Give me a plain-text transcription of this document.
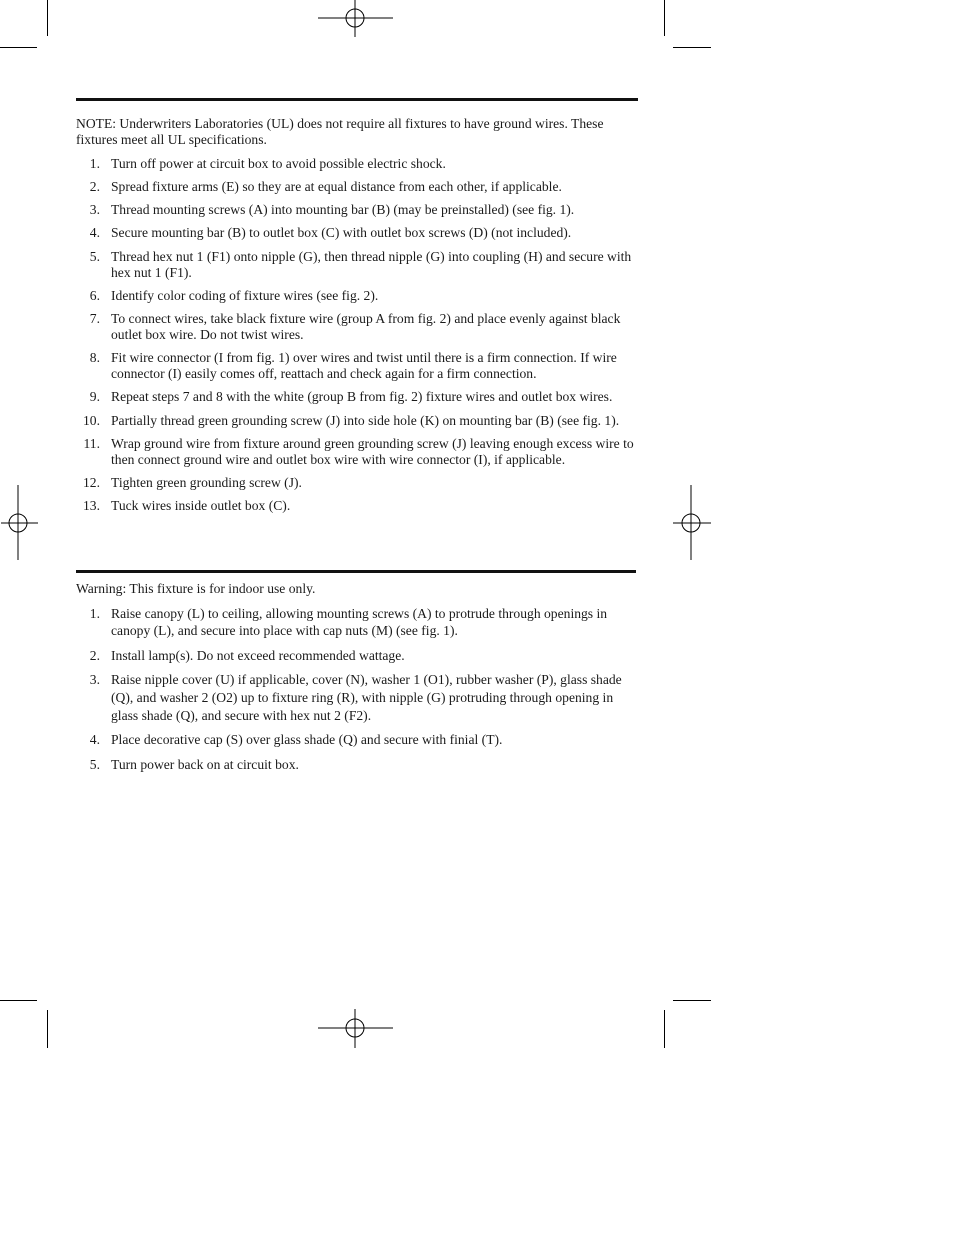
NOTE: Underwriters Laboratories (UL) does not require all fixtures to have ground wires. These fixtures meet all UL specifications.

1. Turn off power at circuit box to avoid possible electric shock.
2. Spread fixture arms (E) so they are at equal distance from each other, if applicable.
3. Thread mounting screws (A) into mounting bar (B) (may be preinstalled) (see fig. 1).
4. Secure mounting bar (B) to outlet box (C) with outlet box screws (D) (not included).
5. Thread hex nut 1 (F1) onto nipple (G), then thread nipple (G) into coupling (H) and secure with hex nut 1 (F1).
6. Identify color coding of fixture wires (see fig. 2).
7. To connect wires, take black fixture wire (group A from fig. 2) and place evenly against black outlet box wire. Do not twist wires.
8. Fit wire connector (I from fig. 1) over wires and twist until there is a firm connection. If wire connector (I) easily comes off, reattach and check again for a firm connection.
9. Repeat steps 7 and 8 with the white (group B from fig. 2) fixture wires and outlet box wires.
10. Partially thread green grounding screw (J) into side hole (K) on mounting bar (B) (see fig. 1).
11. Wrap ground wire from fixture around green grounding screw (J) leaving enough excess wire to then connect ground wire and outlet box wire with wire connector (I), if applicable.
12. Tighten green grounding screw (J).
13. Tuck wires inside outlet box (C).

Warning: This fixture is for indoor use only.

1. Raise canopy (L) to ceiling, allowing mounting screws (A) to protrude through openings in canopy (L), and secure into place with cap nuts (M) (see fig. 1).
2. Install lamp(s). Do not exceed recommended wattage.
3. Raise nipple cover (U) if applicable, cover (N), washer 1 (O1), rubber washer (P), glass shade (Q), and washer 2 (O2) up to fixture ring (R), with nipple (G) protruding through opening in glass shade (Q), and secure with hex nut 2 (F2).
4. Place decorative cap (S) over glass shade (Q) and secure with finial (T).
5. Turn power back on at circuit box.
